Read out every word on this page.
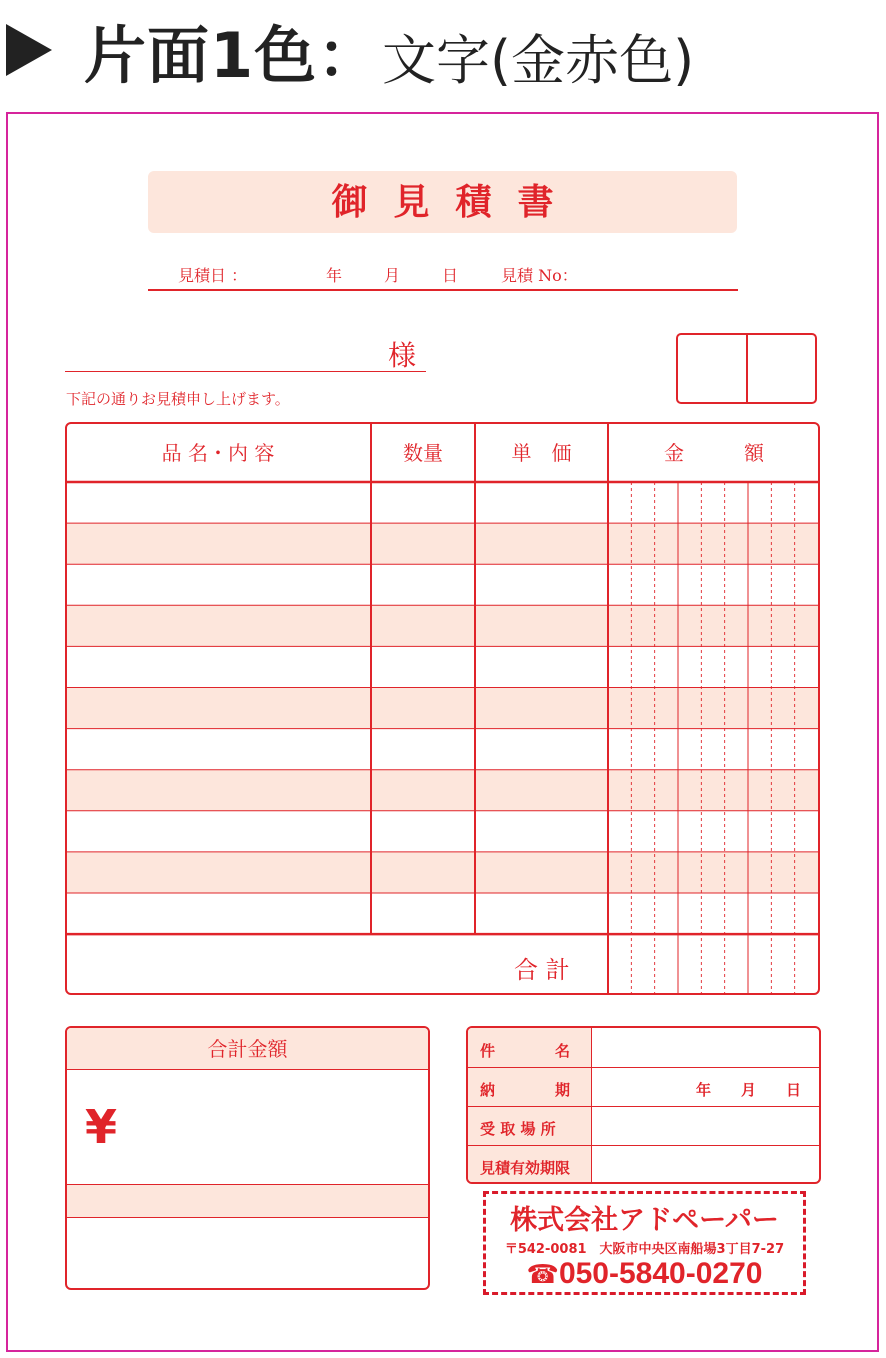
片面1色： 文字(金赤色)
御見積書
見積日 ：	年	月	日	見積 No：
様
下記の通りお見積申し上げます。
品 名・内 容	数量	単　価	金　　　額
合 計
合計金額
¥
件　　　　名
納　　　　期	年　　月　　日
受 取 場 所
見積有効期限
株式会社アドペーパー
〒542-0081　大阪市中央区南船場3丁目7-27
☎050-5840-0270
